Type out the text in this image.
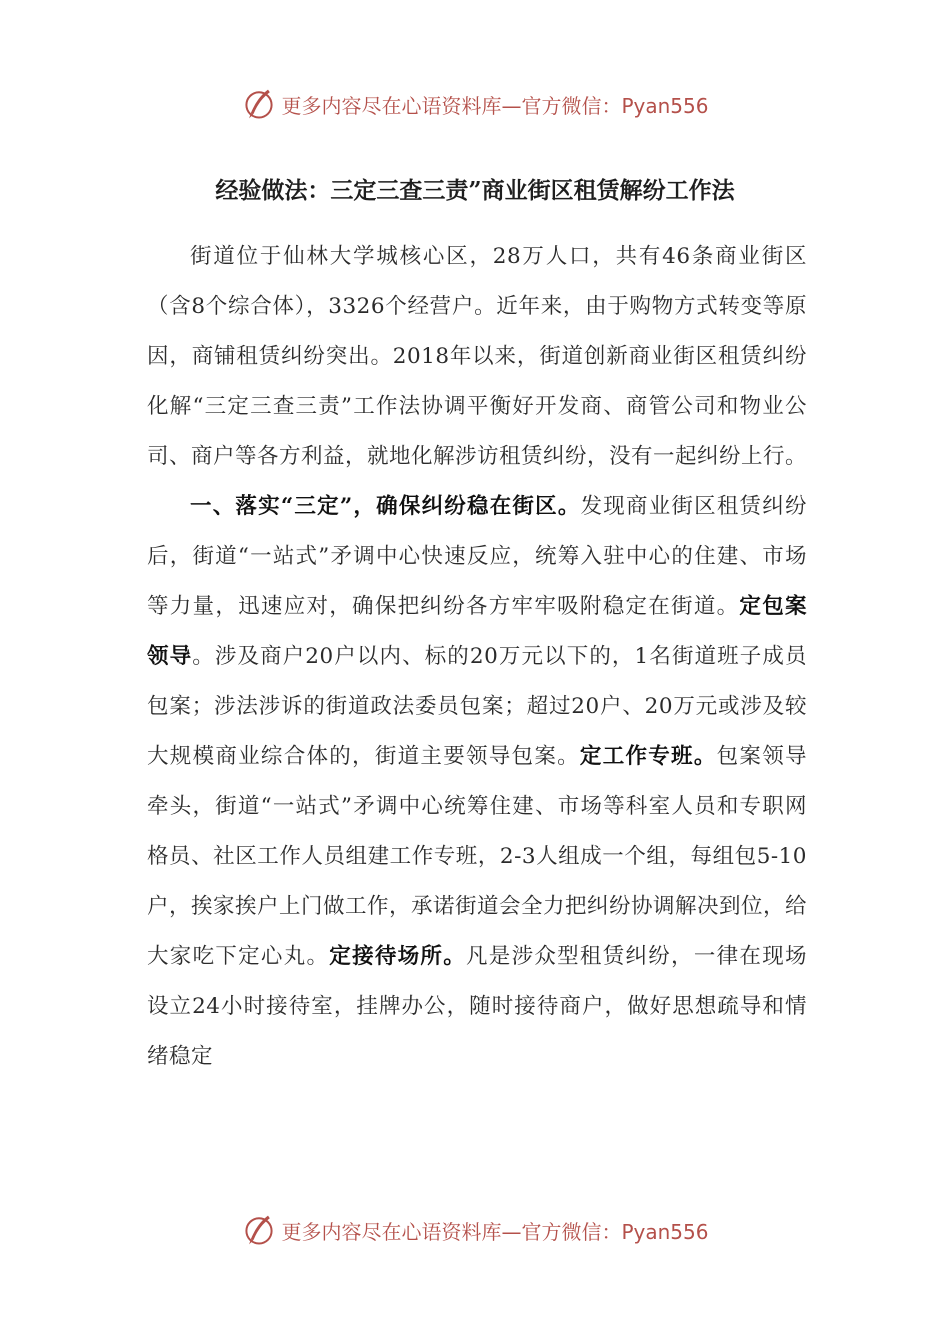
更多内容尽在心语资料库—官方微信：Pyan556
经验做法：三定三查三责”商业街区租赁解纷工作法

街道位于仙林大学城核心区，28万人口，共有46条商业街区（含8个综合体），3326个经营户。近年来，由于购物方式转变等原因，商铺租赁纠纷突出。2018年以来，街道创新商业街区租赁纠纷化解“三定三查三责”工作法协调平衡好开发商、商管公司和物业公司、商户等各方利益，就地化解涉访租赁纠纷，没有一起纠纷上行。

一、落实“三定”，确保纠纷稳在街区。发现商业街区租赁纠纷后，街道“一站式”矛调中心快速反应，统筹入驻中心的住建、市场等力量，迅速应对，确保把纠纷各方牢牢吸附稳定在街道。定包案领导。涉及商户20户以内、标的20万元以下的，1名街道班子成员包案；涉法涉诉的街道政法委员包案；超过20户、20万元或涉及较大规模商业综合体的，街道主要领导包案。定工作专班。包案领导牵头，街道“一站式”矛调中心统筹住建、市场等科室人员和专职网格员、社区工作人员组建工作专班，2-3人组成一个组，每组包5-10户，挨家挨户上门做工作，承诺街道会全力把纠纷协调解决到位，给大家吃下定心丸。定接待场所。凡是涉众型租赁纠纷，一律在现场设立24小时接待室，挂牌办公，随时接待商户，做好思想疏导和情绪稳定

更多内容尽在心语资料库—官方微信：Pyan556
